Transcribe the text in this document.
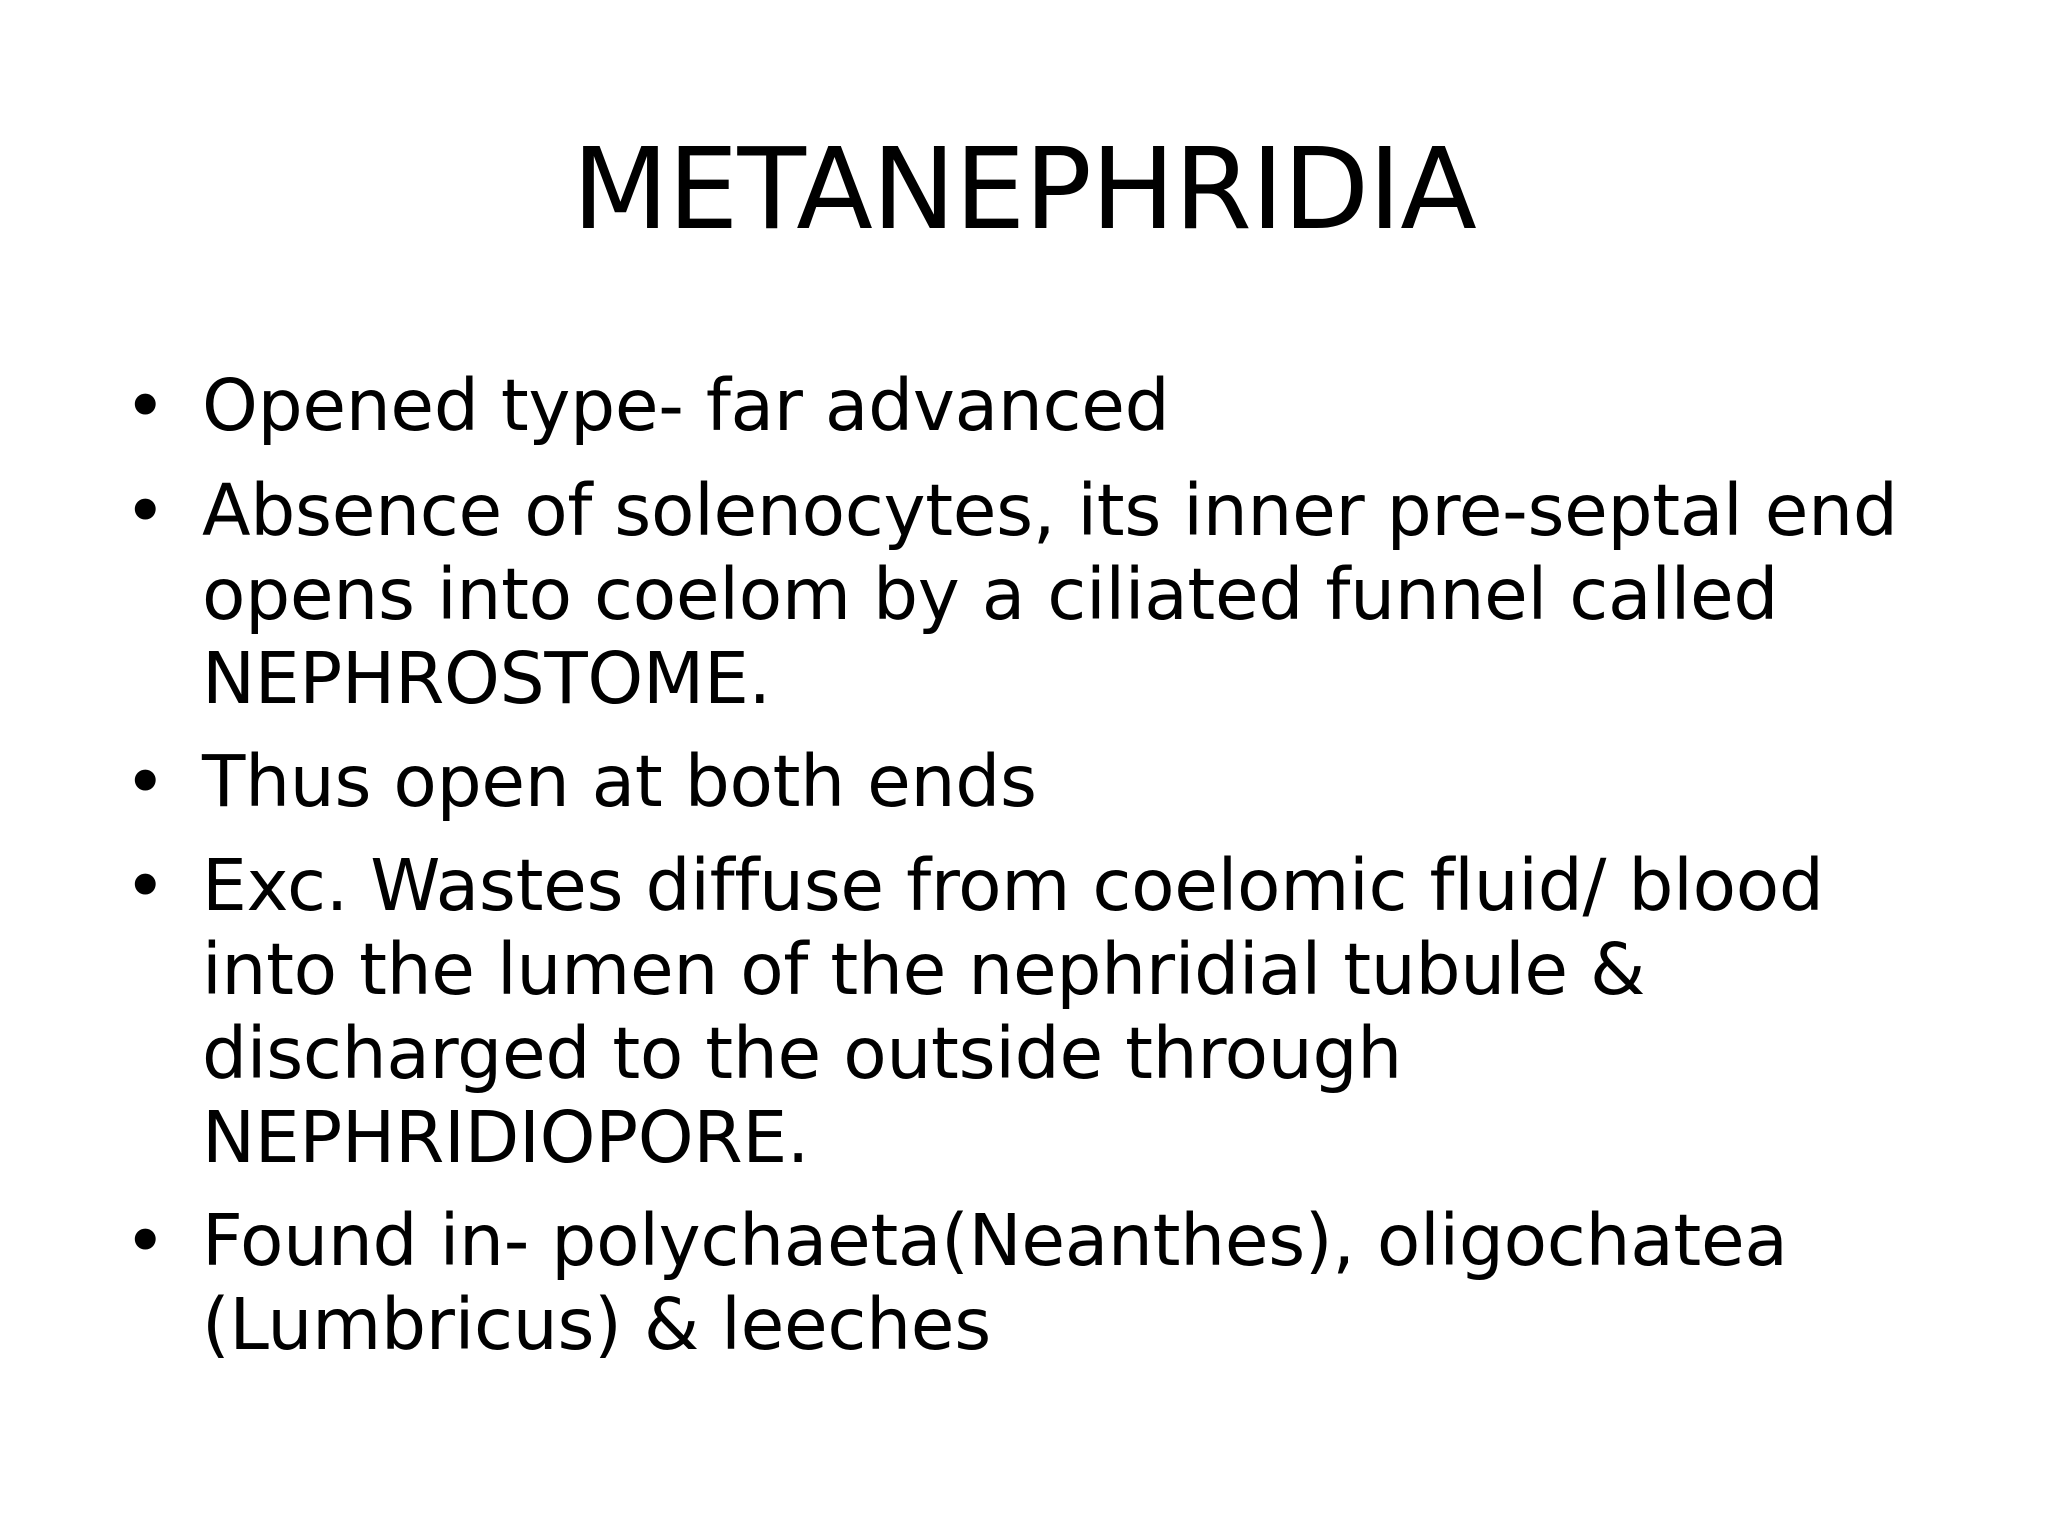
METANEPHRIDIA
• Opened type- far advanced
• Absence of solenocytes, its inner pre-septal end
opens into coelom by a ciliated funnel called
NEPHROSTOME.
• Thus open at both ends
• Exc. Wastes diffuse from coelomic fluid/ blood
into the lumen of the nephridial tubule &
discharged to the outside through
NEPHRIDIOPORE.
• Found in- polychaeta(Neanthes), oligochatea
(Lumbricus) & leeches
